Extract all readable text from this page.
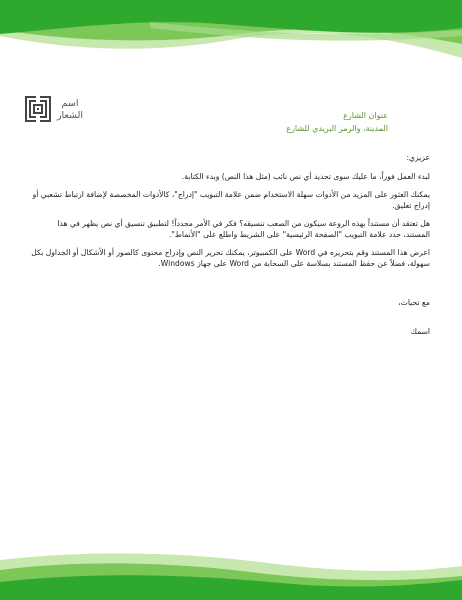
اسم
الشعار	عنوان الشارع
المدينة، والرمز البريدي للشارع

عزيزي:

لبدء العمل فوراً، ما عليك سوى تحديد أي نص نائب (مثل هذا النص) وبدء الكتابة.

يمكنك العثور على المزيد من الأدوات سهلة الاستخدام ضمن علامة التبويب "إدراج"، كالأدوات المخصصة لإضافة ارتباط تشعبي أو إدراج تعليق.

هل تعتقد أن مستنداً بهذه الروعة سيكون من الصعب تنسيقه؟ فكر في الأمر مجدداً! لتطبيق تنسيق أي نص يظهر في هذا المستند، حدد علامة التبويب "الصفحة الرئيسية" على الشريط واطلع على "الأنماط".

اعرض هذا المستند وقم بتحريره في Word على الكمبيوتر، يمكنك تحرير النص وإدراج محتوى كالصور أو الأشكال أو الجداول بكل سهولة، فضلاً عن حفظ المستند بسلاسة على السحابة من Word على جهاز Windows.

مع تحيات،

اسمك
